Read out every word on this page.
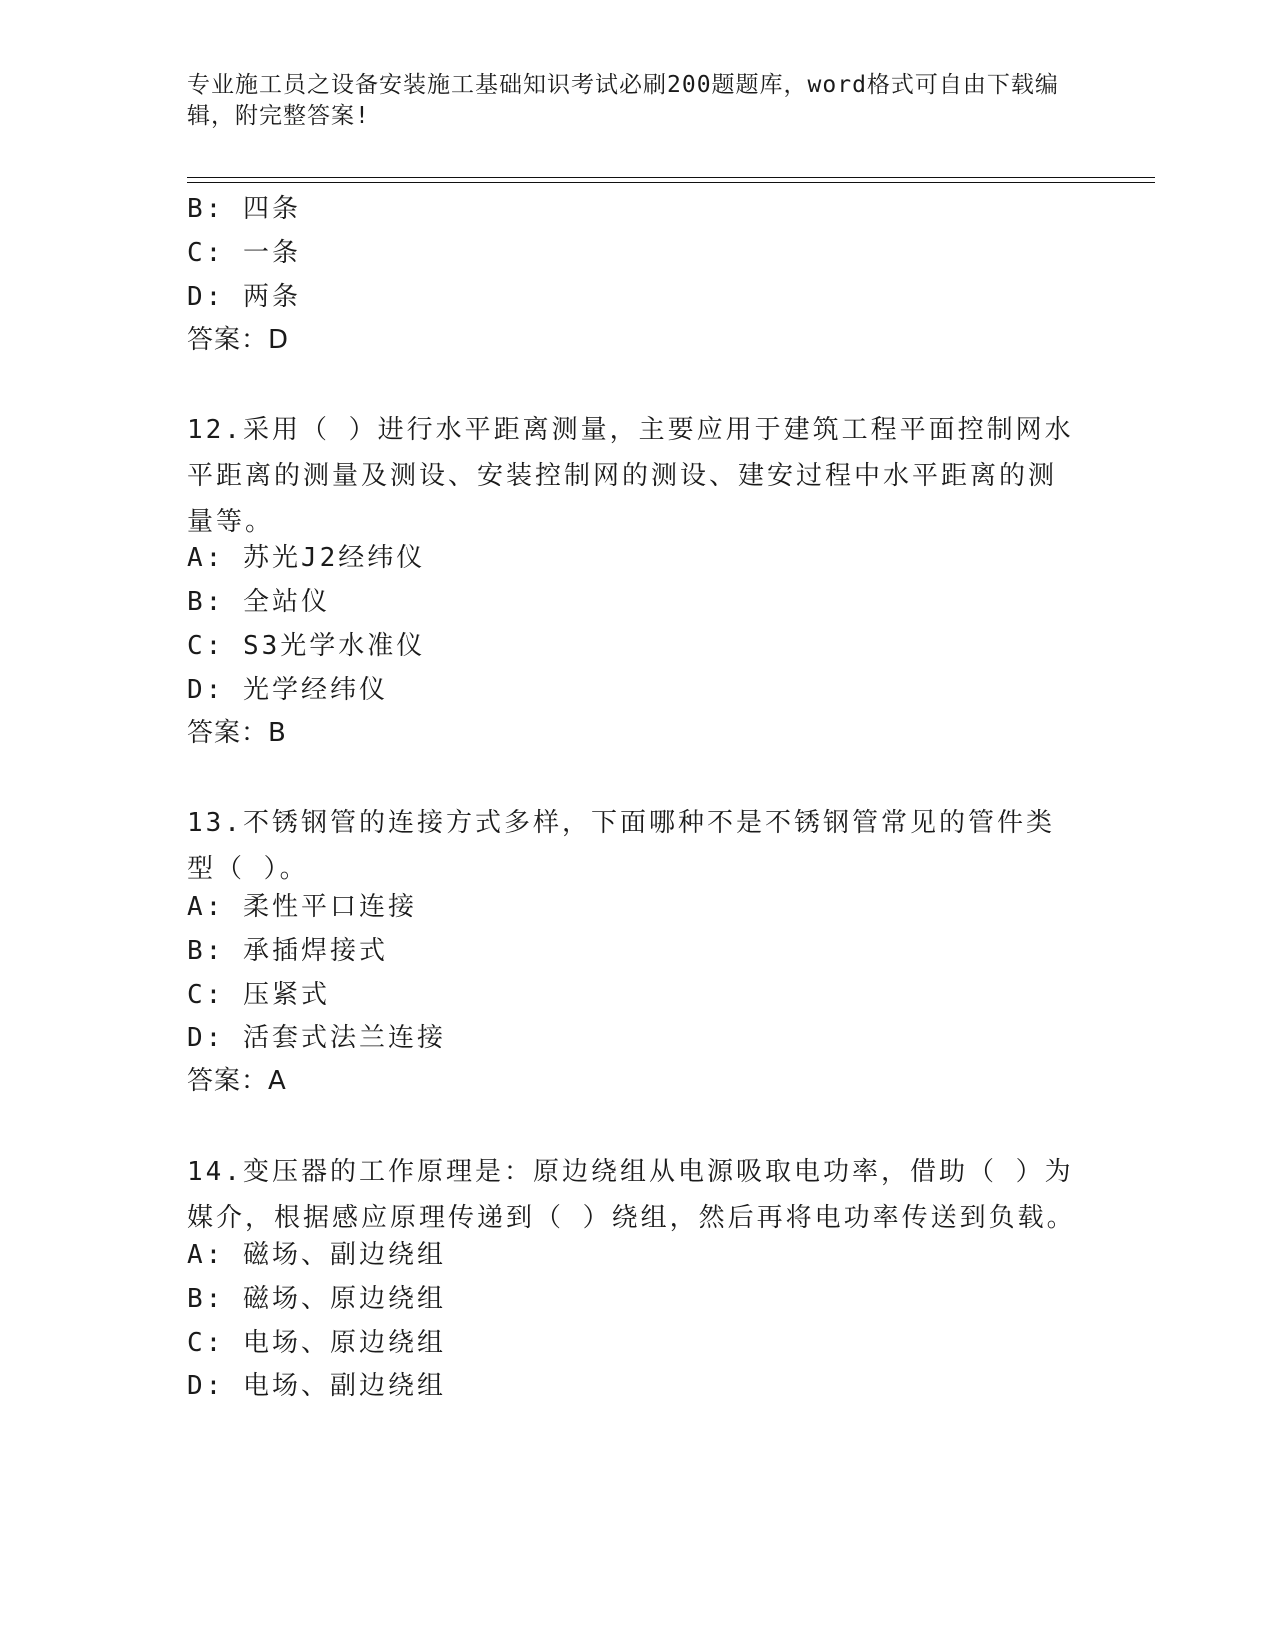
专业施工员之设备安装施工基础知识考试必刷200题题库，word格式可自由下载编辑，附完整答案!
B: 四条
C: 一条
D: 两条
答案：D
12.采用（ ）进行水平距离测量，主要应用于建筑工程平面控制网水平距离的测量及测设、安装控制网的测设、建安过程中水平距离的测量等。
A: 苏光J2经纬仪
B: 全站仪
C: S3光学水准仪
D: 光学经纬仪
答案：B
13.不锈钢管的连接方式多样，下面哪种不是不锈钢管常见的管件类型（ ）。
A: 柔性平口连接
B: 承插焊接式
C: 压紧式
D: 活套式法兰连接
答案：A
14.变压器的工作原理是：原边绕组从电源吸取电功率，借助（ ）为媒介，根据感应原理传递到（ ）绕组，然后再将电功率传送到负载。
A: 磁场、副边绕组
B: 磁场、原边绕组
C: 电场、原边绕组
D: 电场、副边绕组
